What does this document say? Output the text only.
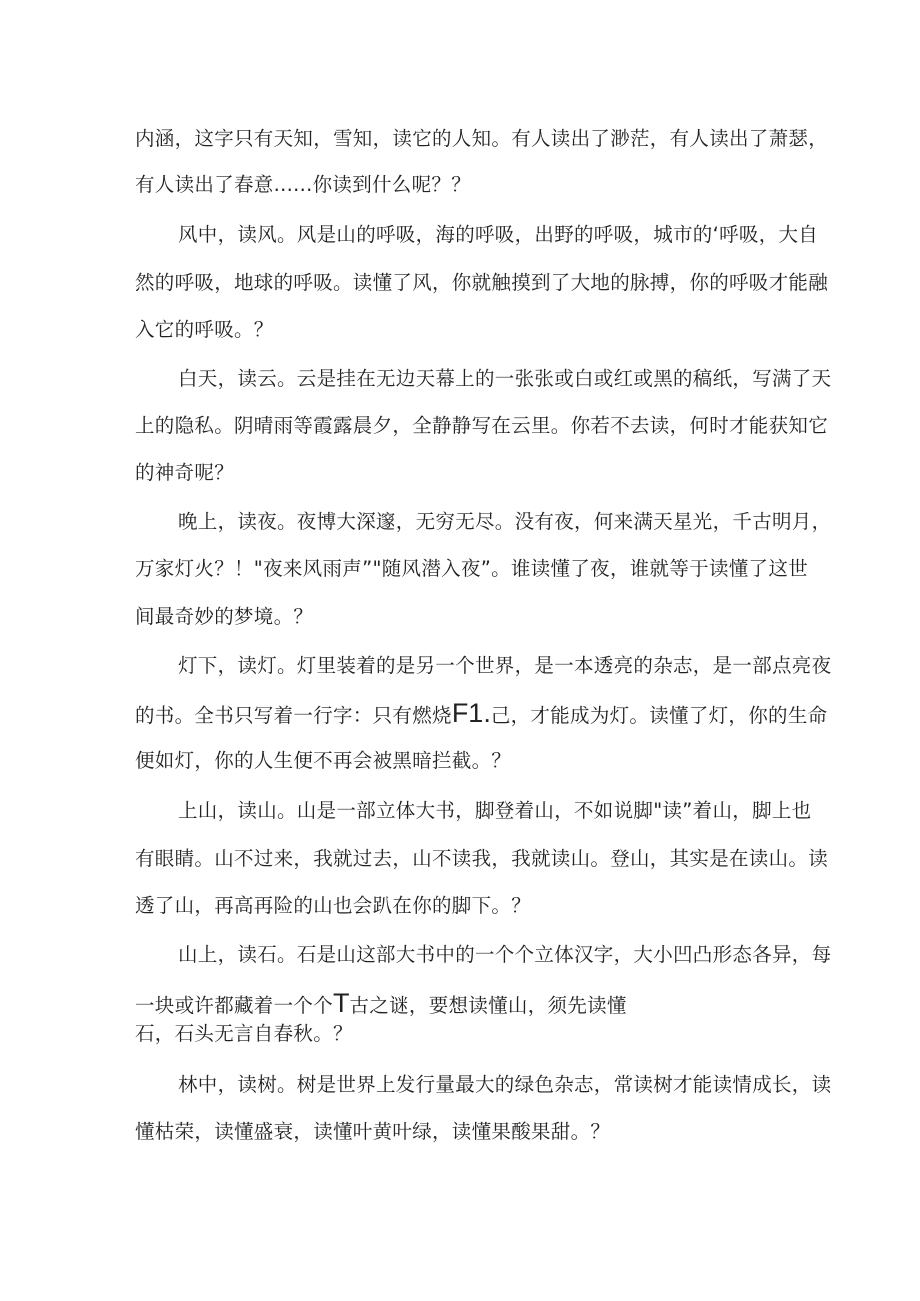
内涵，这字只有天知，雪知，读它的人知。有人读出了渺茫，有人读出了萧瑟，
有人读出了春意......你读到什么呢？？
风中，读风。风是山的呼吸，海的呼吸，出野的呼吸，城市的‘呼吸，大自
然的呼吸，地球的呼吸。读懂了风，你就触摸到了大地的脉搏，你的呼吸才能融
入它的呼吸。？
白天，读云。云是挂在无边天幕上的一张张或白或红或黑的稿纸，写满了天
上的隐私。阴晴雨等霞露晨夕，全静静写在云里。你若不去读，何时才能获知它
的神奇呢？
晚上，读夜。夜博大深邃，无穷无尽。没有夜，何来满天星光，千古明月，
万家灯火？！"夜来风雨声”"随风潜入夜”。谁读懂了夜，谁就等于读懂了这世
间最奇妙的梦境。？
灯下，读灯。灯里装着的是另一个世界，是一本透亮的杂志，是一部点亮夜
的书。全书只写着一行字：只有燃烧F1.己，才能成为灯。读懂了灯，你的生命
便如灯，你的人生便不再会被黑暗拦截。？
上山，读山。山是一部立体大书，脚登着山，不如说脚"读”着山，脚上也
有眼睛。山不过来，我就过去，山不读我，我就读山。登山，其实是在读山。读
透了山，再高再险的山也会趴在你的脚下。？
山上，读石。石是山这部大书中的一个个立体汉字，大小凹凸形态各异，每
一块或许都藏着一个个T古之谜，要想读懂山，须先读懂
石，石头无言自春秋。？
林中，读树。树是世界上发行量最大的绿色杂志，常读树才能读情成长，读
懂枯荣，读懂盛衰，读懂叶黄叶绿，读懂果酸果甜。？
